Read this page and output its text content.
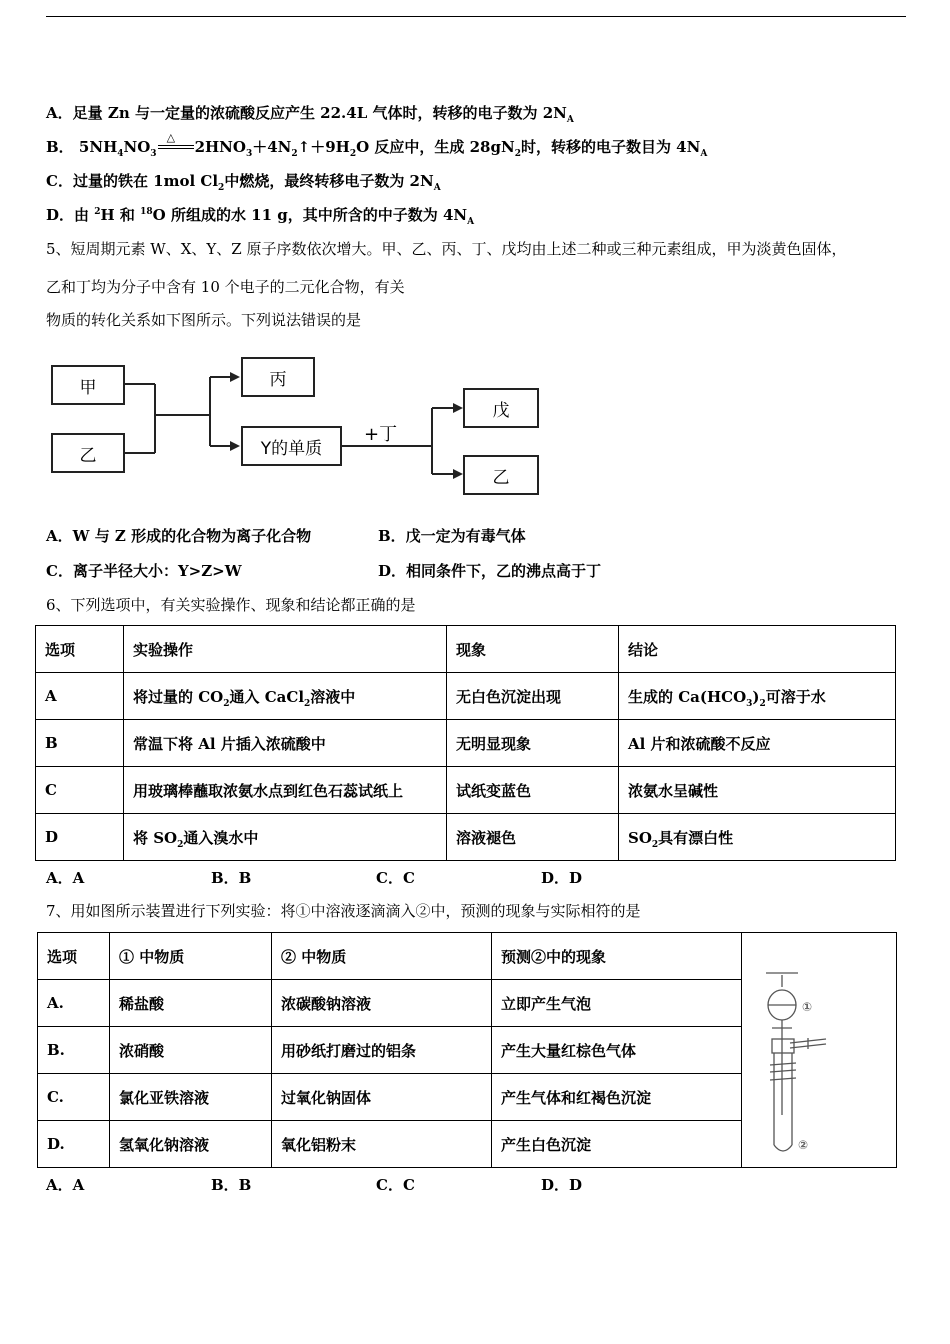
A．足量 Zn 与一定量的浓硫酸反应产生 22.4L 气体时，转移的电子数为 $2N_A$
B． $5NH_4NO_3$
△
$2HNO_3+4N_2↑+9H_2O$ 反应中，生成 $28gN_2$时，转移的电子数目为 $4N_A$
C．过量的铁在 1mol $Cl_2$中燃烧，最终转移电子数为 $2N_A$
D．由 $^2$H 和 $^{18}$O 所组成的水 11 g，其中所含的中子数为 $4N_A$
5、短周期元素 W、X、Y、Z 原子序数依次增大。甲、乙、丙、丁、戊均由上述二种或三种元素组成，甲为淡黄色固体，
乙和丁均为分子中含有 10 个电子的二元化合物，有关
物质的转化关系如下图所示。下列说法错误的是
甲
乙
丙
Y的单质
+丁
戊
乙
A．W 与 Z 形成的化合物为离子化合物	B．戊一定为有毒气体
C．离子半径大小：Y>Z>W	D．相同条件下，乙的沸点高于丁
6、下列选项中，有关实验操作、现象和结论都正确的是
选项	实验操作	现象	结论
A	将过量的 $CO_2$通入 CaCl$_2$溶液中	无白色沉淀出现	生成的 $Ca(HCO_3)_2$可溶于水
B	常温下将 Al 片插入浓硫酸中	无明显现象	Al 片和浓硫酸不反应
C	用玻璃棒蘸取浓氨水点到红色石蕊试纸上	试纸变蓝色	浓氨水呈碱性
D	将 $SO_2$通入溴水中	溶液褪色	$SO_2$具有漂白性
A．A	B．B	C．C	D．D
7、用如图所示装置进行下列实验：将①中溶液逐滴滴入②中，预测的现象与实际相符的是
选项	① 中物质	② 中物质	预测②中的现象	①
②

A.	稀盐酸	浓碳酸钠溶液	立即产生气泡	
B.	浓硝酸	用砂纸打磨过的铝条	产生大量红棕色气体	
C.	氯化亚铁溶液	过氧化钠固体	产生气体和红褐色沉淀	
D.	氢氧化钠溶液	氧化铝粉末	产生白色沉淀	
A．A	B．B	C．C	D．D
